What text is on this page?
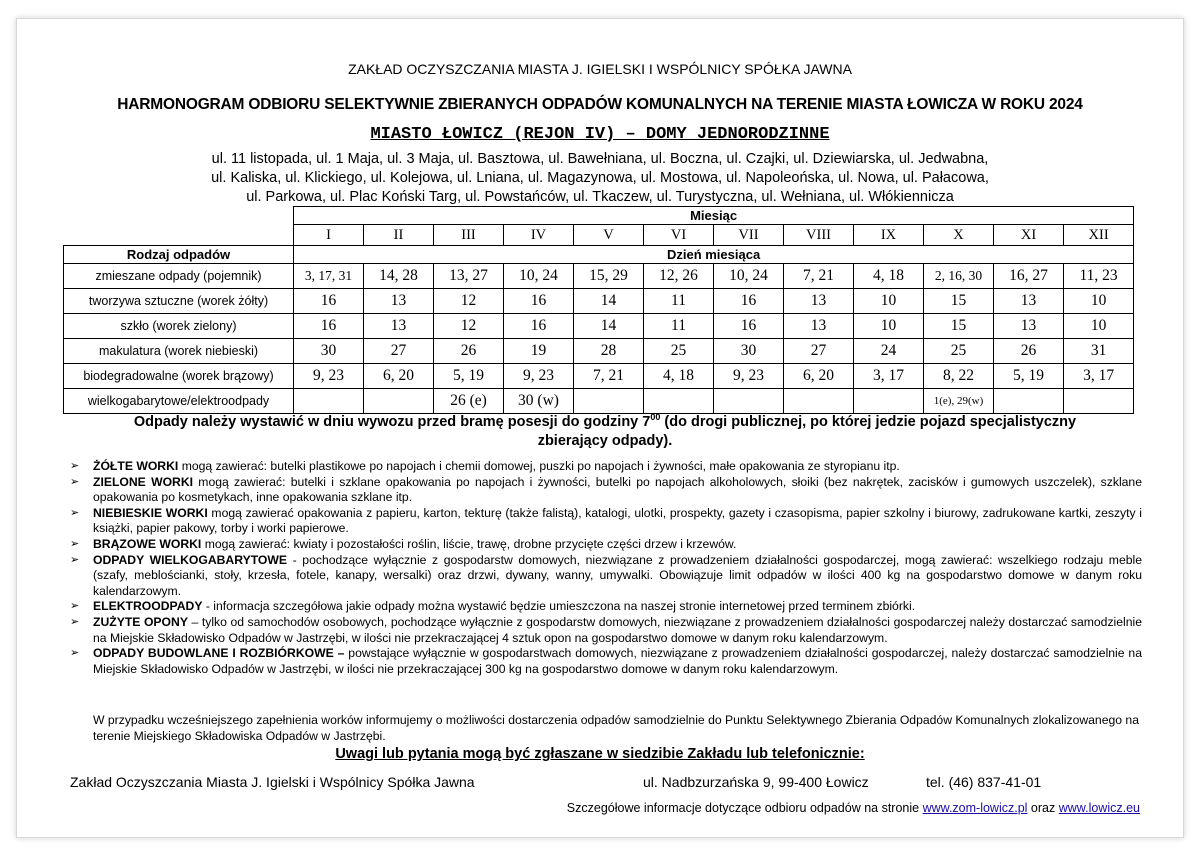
ZAKŁAD OCZYSZCZANIA MIASTA J. IGIELSKI I WSPÓLNICY SPÓŁKA JAWNA
HARMONOGRAM ODBIORU SELEKTYWNIE ZBIERANYCH ODPADÓW KOMUNALNYCH NA TERENIE MIASTA ŁOWICZA W ROKU 2024
MIASTO ŁOWICZ (REJON IV) – DOMY JEDNORODZINNE
ul. 11 listopada, ul. 1 Maja, ul. 3 Maja, ul. Basztowa, ul. Bawełniana, ul. Boczna, ul. Czajki, ul. Dziewiarska, ul. Jedwabna,
ul. Kaliska, ul. Klickiego, ul. Kolejowa, ul. Lniana, ul. Magazynowa, ul. Mostowa, ul. Napoleońska, ul. Nowa, ul. Pałacowa,
ul. Parkowa, ul. Plac Koński Targ, ul. Powstańców, ul. Tkaczew, ul. Turystyczna, ul. Wełniana, ul. Włókiennicza
	Miesiąc											
	I	II	III	IV	V	VI	VII	VIII	IX	X	XI	XII
Rodzaj odpadów	Dzień miesiąca											
zmieszane odpady (pojemnik)	3, 17, 31	14, 28	13, 27	10, 24	15, 29	12, 26	10, 24	7, 21	4, 18	2, 16, 30	16, 27	11, 23
tworzywa sztuczne (worek żółty)	16	13	12	16	14	11	16	13	10	15	13	10
szkło (worek zielony)	16	13	12	16	14	11	16	13	10	15	13	10
makulatura (worek niebieski)	30	27	26	19	28	25	30	27	24	25	26	31
biodegradowalne (worek brązowy)	9, 23	6, 20	5, 19	9, 23	7, 21	4, 18	9, 23	6, 20	3, 17	8, 22	5, 19	3, 17
wielkogabarytowe/elektroodpady			26 (e)	30 (w)						1(e), 29(w)		
Odpady należy wystawić w dniu wywozu przed bramę posesji do godziny $7^{00}$ (do drogi publicznej, po której jedzie pojazd specjalistyczny zbierający odpady).
➢ ŻÓŁTE WORKI mogą zawierać: butelki plastikowe po napojach i chemii domowej, puszki po napojach i żywności, małe opakowania ze styropianu itp.
➢ ZIELONE WORKI mogą zawierać: butelki i szklane opakowania po napojach i żywności, butelki po napojach alkoholowych, słoiki (bez nakrętek, zacisków i gumowych uszczelek), szklane opakowania po kosmetykach, inne opakowania szklane itp.
➢ NIEBIESKIE WORKI mogą zawierać opakowania z papieru, karton, tekturę (także falistą), katalogi, ulotki, prospekty, gazety i czasopisma, papier szkolny i biurowy, zadrukowane kartki, zeszyty i książki, papier pakowy, torby i worki papierowe.
➢ BRĄZOWE WORKI mogą zawierać: kwiaty i pozostałości roślin, liście, trawę, drobne przycięte części drzew i krzewów.
➢ ODPADY WIELKOGABARYTOWE - pochodzące wyłącznie z gospodarstw domowych, niezwiązane z prowadzeniem działalności gospodarczej, mogą zawierać: wszelkiego rodzaju meble (szafy, meblościanki, stoły, krzesła, fotele, kanapy, wersalki) oraz drzwi, dywany, wanny, umywalki. Obowiązuje limit odpadów w ilości 400 kg na gospodarstwo domowe w danym roku kalendarzowym.
➢ ELEKTROODPADY - informacja szczegółowa jakie odpady można wystawić będzie umieszczona na naszej stronie internetowej przed terminem zbiórki.
➢ ZUŻYTE OPONY – tylko od samochodów osobowych, pochodzące wyłącznie z gospodarstw domowych, niezwiązane z prowadzeniem działalności gospodarczej należy dostarczać samodzielnie na Miejskie Składowisko Odpadów w Jastrzębi, w ilości nie przekraczającej 4 sztuk opon na gospodarstwo domowe w danym roku kalendarzowym.
➢ ODPADY BUDOWLANE I ROZBIÓRKOWE – powstające wyłącznie w gospodarstwach domowych, niezwiązane z prowadzeniem działalności gospodarczej, należy dostarczać samodzielnie na Miejskie Składowisko Odpadów w Jastrzębi, w ilości nie przekraczającej 300 kg na gospodarstwo domowe w danym roku kalendarzowym.
W przypadku wcześniejszego zapełnienia worków informujemy o możliwości dostarczenia odpadów samodzielnie do Punktu Selektywnego Zbierania Odpadów Komunalnych zlokalizowanego na terenie Miejskiego Składowiska Odpadów w Jastrzębi.
Uwagi lub pytania mogą być zgłaszane w siedzibie Zakładu lub telefonicznie:
Zakład Oczyszczania Miasta J. Igielski i Wspólnicy Spółka Jawna	ul. Nadbzurzańska 9, 99-400 Łowicz	tel. (46) 837-41-01
Szczegółowe informacje dotyczące odbioru odpadów na stronie www.zom-lowicz.pl oraz www.lowicz.eu
